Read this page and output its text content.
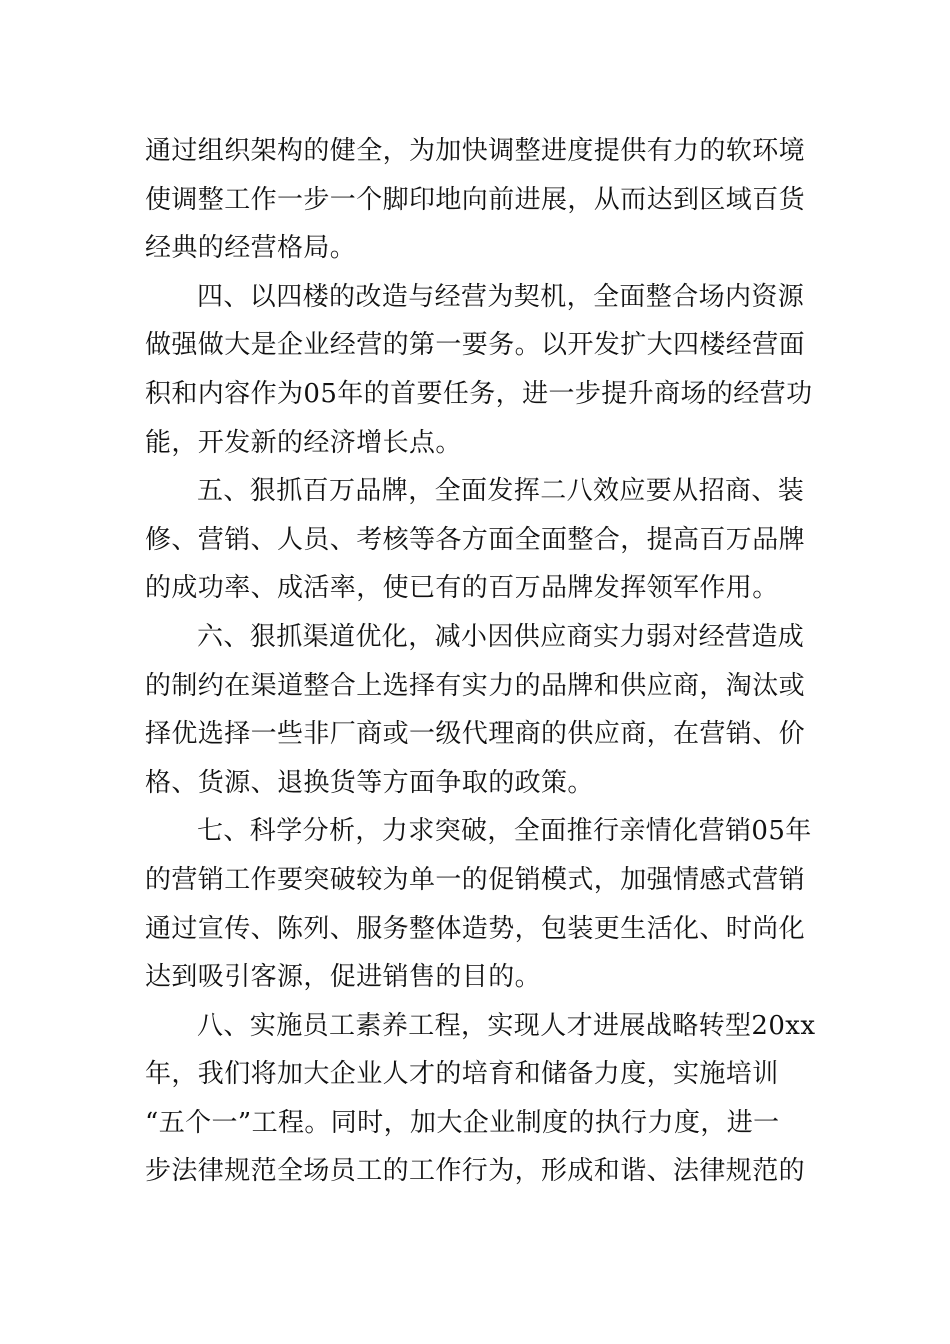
通过组织架构的健全，为加快调整进度提供有力的软环境
使调整工作一步一个脚印地向前进展，从而达到区域百货
经典的经营格局。
四、以四楼的改造与经营为契机，全面整合场内资源
做强做大是企业经营的第一要务。以开发扩大四楼经营面
积和内容作为05年的首要任务，进一步提升商场的经营功
能，开发新的经济增长点。
五、狠抓百万品牌，全面发挥二八效应要从招商、装
修、营销、人员、考核等各方面全面整合，提高百万品牌
的成功率、成活率，使已有的百万品牌发挥领军作用。
六、狠抓渠道优化，减小因供应商实力弱对经营造成
的制约在渠道整合上选择有实力的品牌和供应商，淘汰或
择优选择一些非厂商或一级代理商的供应商，在营销、价
格、货源、退换货等方面争取的政策。
七、科学分析，力求突破，全面推行亲情化营销05年
的营销工作要突破较为单一的促销模式，加强情感式营销
通过宣传、陈列、服务整体造势，包装更生活化、时尚化
达到吸引客源，促进销售的目的。
八、实施员工素养工程，实现人才进展战略转型20xx
年，我们将加大企业人才的培育和储备力度，实施培训
“五个一”工程。同时，加大企业制度的执行力度，进一
步法律规范全场员工的工作行为，形成和谐、法律规范的
